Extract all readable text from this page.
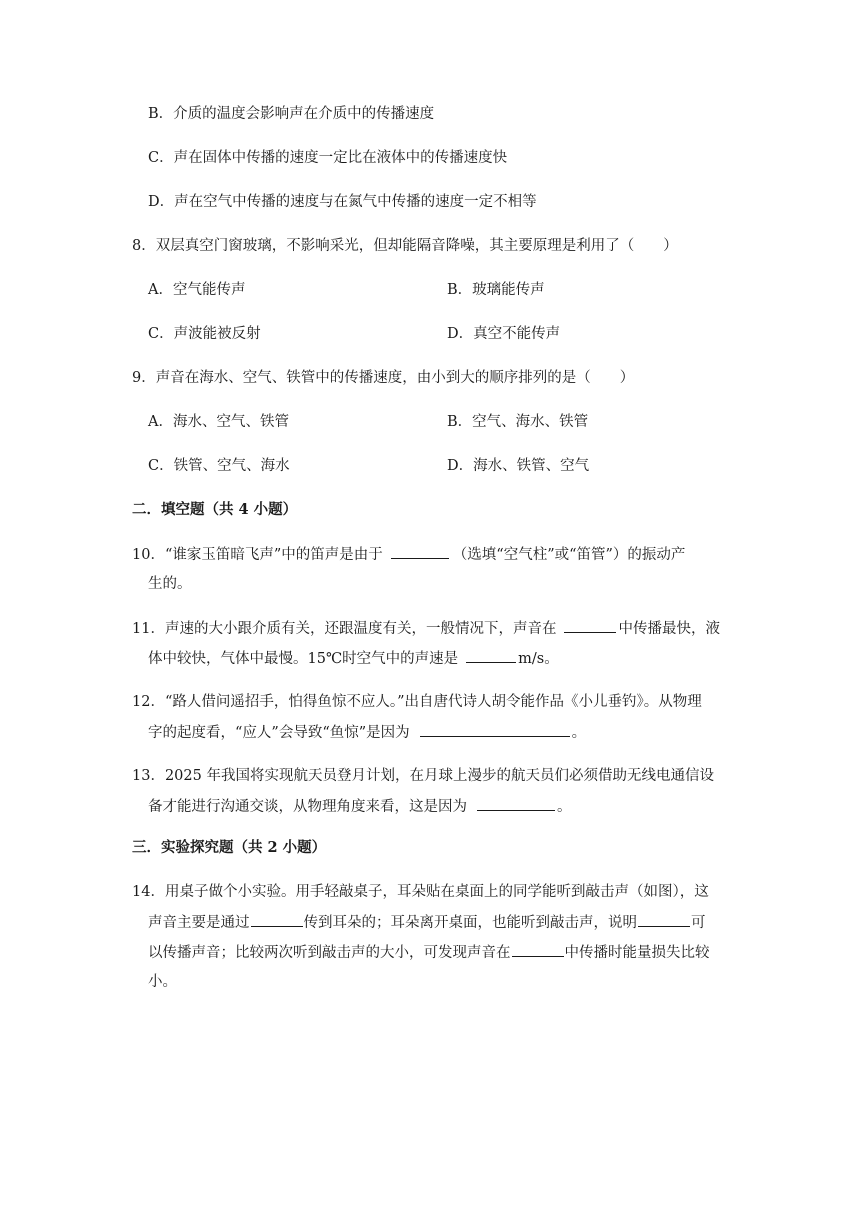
B．介质的温度会影响声在介质中的传播速度
C．声在固体中传播的速度一定比在液体中的传播速度快
D．声在空气中传播的速度与在氮气中传播的速度一定不相等
8．双层真空门窗玻璃，不影响采光，但却能隔音降噪，其主要原理是利用了（　　）
A．空气能传声	B．玻璃能传声
C．声波能被反射	D．真空不能传声
9．声音在海水、空气、铁管中的传播速度，由小到大的顺序排列的是（　　）
A．海水、空气、铁管	B．空气、海水、铁管
C．铁管、空气、海水	D．海水、铁管、空气
二．填空题（共 4 小题）
10．“谁家玉笛暗飞声”中的笛声是由于	（选填“空气柱”或“笛管”）的振动产
生的。
11．声速的大小跟介质有关，还跟温度有关，一般情况下，声音在	中传播最快，液
体中较快，气体中最慢。15℃时空气中的声速是	m/s。
12．“路人借问遥招手，怕得鱼惊不应人。”出自唐代诗人胡令能作品《小儿垂钓》。从物理
字的起度看，“应人”会导致“鱼惊”是因为	。
13．2025 年我国将实现航天员登月计划，在月球上漫步的航天员们必须借助无线电通信设
备才能进行沟通交谈，从物理角度来看，这是因为	。
三．实验探究题（共 2 小题）
14．用桌子做个小实验。用手轻敲桌子，耳朵贴在桌面上的同学能听到敲击声（如图），这
声音主要是通过	传到耳朵的；耳朵离开桌面，也能听到敲击声，说明	可
以传播声音；比较两次听到敲击声的大小，可发现声音在	中传播时能量损失比较
小。
